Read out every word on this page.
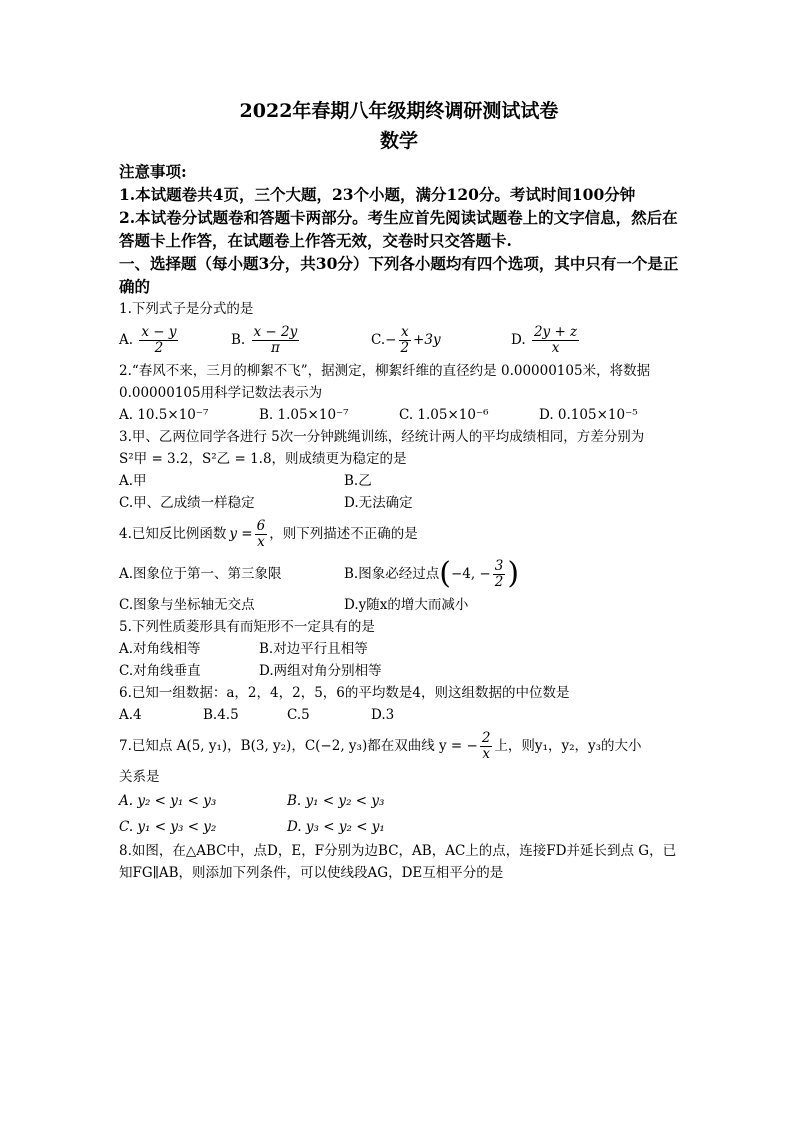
2022年春期八年级期终调研测试试卷
数学
注意事项:
1.本试题卷共4页，三个大题，23个小题，满分120分。考试时间100分钟
2.本试卷分试题卷和答题卡两部分。考生应首先阅读试题卷上的文字信息，然后在答题卡上作答，在试题卷上作答无效，交卷时只交答题卡.
一、选择题（每小题3分，共30分）下列各小题均有四个选项，其中只有一个是正确的
1.下列式子是分式的是
A. $\frac{x - y}{2}$	B. $\frac{x - 2y}{\pi}$	$C.- \frac{x}{2} +3y$	D. $\frac{2y + z}{x}$
2.“春风不来，三月的柳絮不飞”，据测定，柳絮纤维的直径约是 0.00000105米，将数据 0.00000105用科学记数法表示为
A. 10.5×10⁻⁷	B. 1.05×10⁻⁷	C. 1.05×10⁻⁶	D. 0.105×10⁻⁵
3.甲、乙两位同学各进行 5次一分钟跳绳训练，经统计两人的平均成绩相同，方差分别为
S²甲 = 3.2，S²乙 = 1.8，则成绩更为稳定的是
A.甲	B.乙
C.甲、乙成绩一样稳定	D.无法确定
4.已知反比例函数 $y = \frac{6}{x}$ ，则下列描述不正确的是
A.图象位于第一、第三象限	B.图象必经过点 ( −4, − $\frac{3}{2}$ )
C.图象与坐标轴无交点	D.y随x的增大而减小
5.下列性质菱形具有而矩形不一定具有的是
A.对角线相等	B.对边平行且相等
C.对角线垂直	D.两组对角分别相等
6.已知一组数据：a，2，4，2，5，6的平均数是4，则这组数据的中位数是
A.4	B.4.5	C.5	D.3
7.已知点 A(5, y₁)，B(3, y₂)，C(−2, y₃)都在双曲线 y = − $\frac{2}{x}$ 上，则y₁，y₂，y₃的大小
关系是
A. y₂ < y₁ < y₃	B. y₁ < y₂ < y₃
C. y₁ < y₃ < y₂	D. y₃ < y₂ < y₁
8.如图，在△ABC中，点D，E，F分别为边BC，AB，AC上的点，连接FD并延长到点 G，已知FG∥AB，则添加下列条件，可以使线段AG，DE互相平分的是
